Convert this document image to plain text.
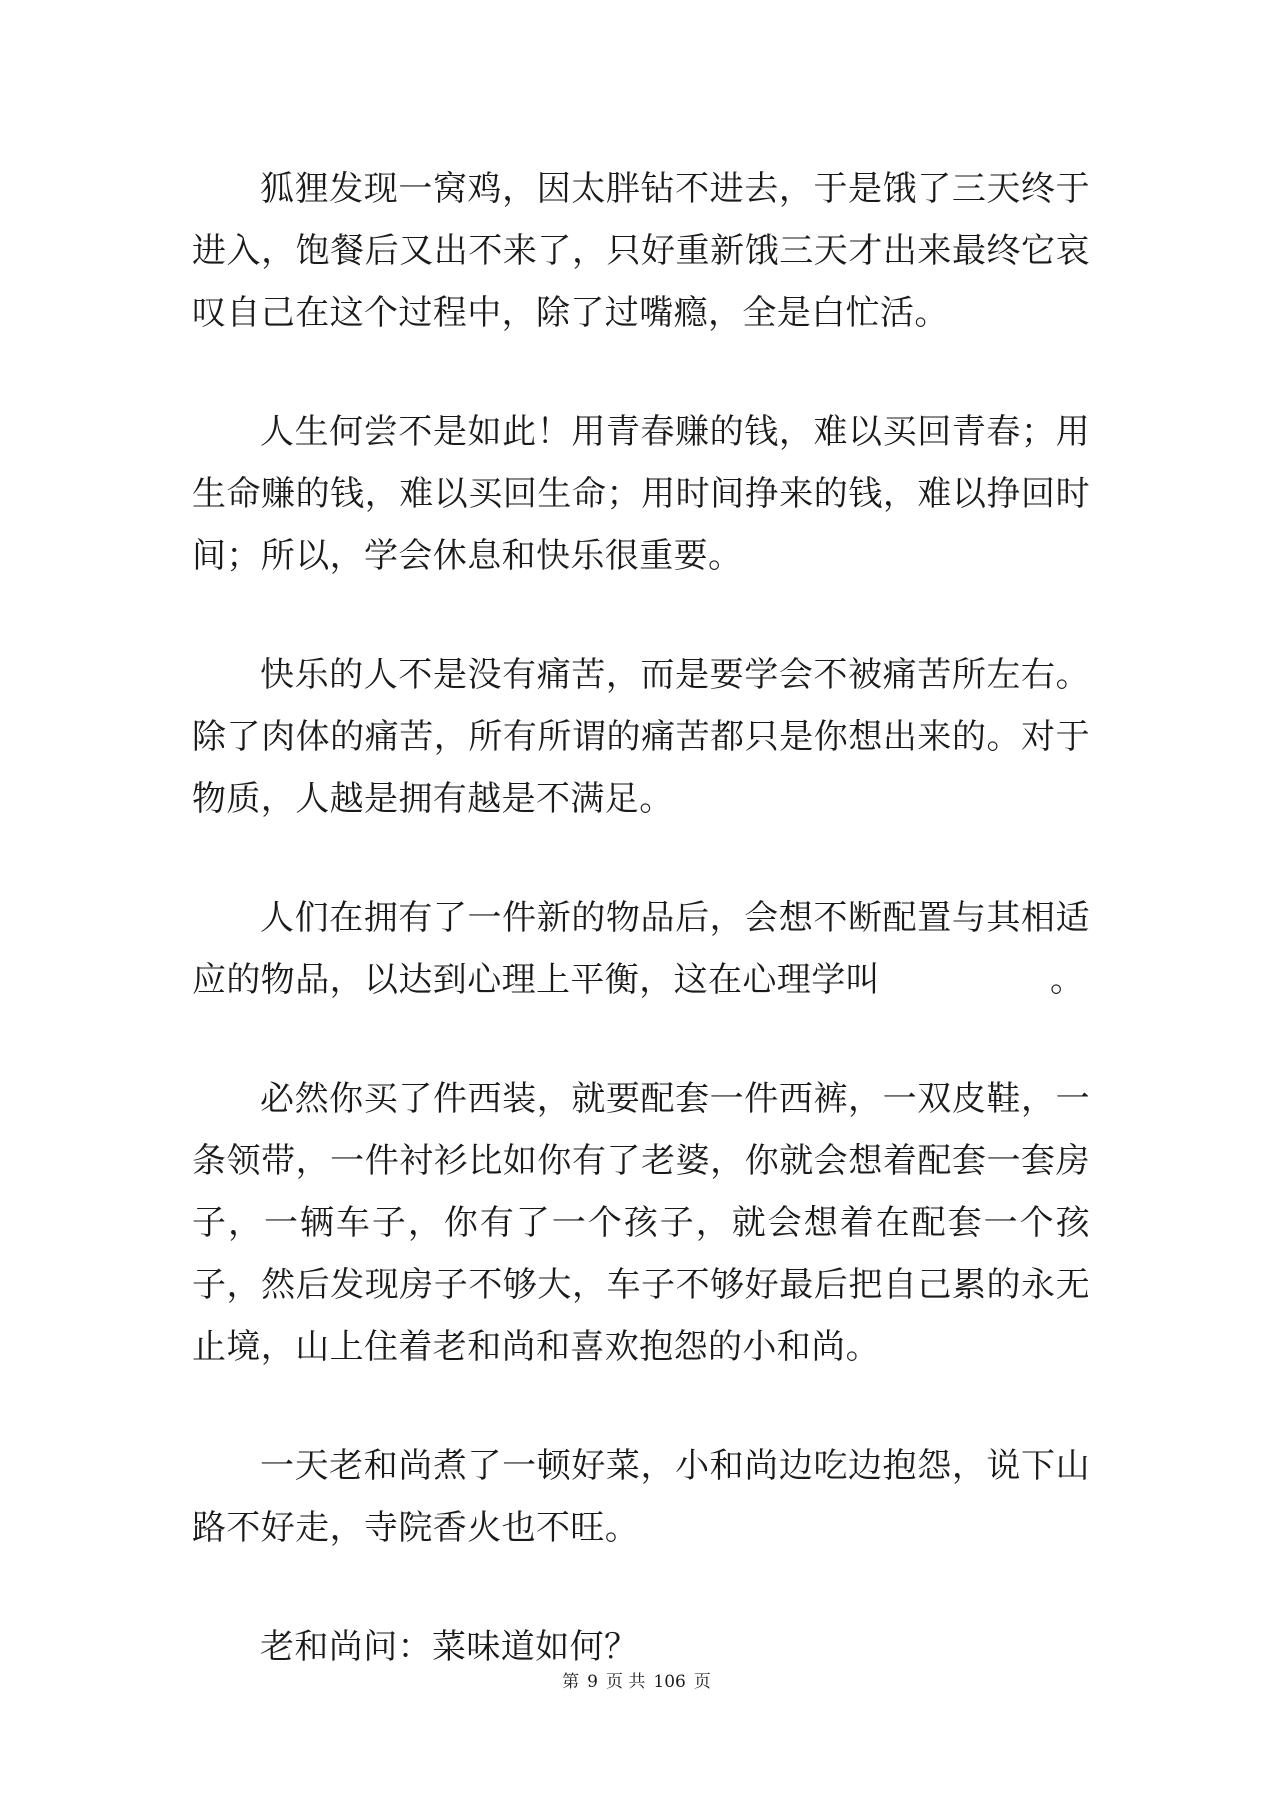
狐狸发现一窝鸡，因太胖钻不进去，于是饿了三天终于进入，饱餐后又出不来了，只好重新饿三天才出来最终它哀叹自己在这个过程中，除了过嘴瘾，全是白忙活。

人生何尝不是如此！用青春赚的钱，难以买回青春；用生命赚的钱，难以买回生命；用时间挣来的钱，难以挣回时间；所以，学会休息和快乐很重要。

快乐的人不是没有痛苦，而是要学会不被痛苦所左右。除了肉体的痛苦，所有所谓的痛苦都只是你想出来的。对于物质，人越是拥有越是不满足。

人们在拥有了一件新的物品后，会想不断配置与其相适应的物品，以达到心理上平衡，这在心理学叫	。

必然你买了件西装，就要配套一件西裤，一双皮鞋，一条领带，一件衬衫比如你有了老婆，你就会想着配套一套房子，一辆车子，你有了一个孩子，就会想着在配套一个孩子，然后发现房子不够大，车子不够好最后把自己累的永无止境，山上住着老和尚和喜欢抱怨的小和尚。

一天老和尚煮了一顿好菜，小和尚边吃边抱怨，说下山路不好走，寺院香火也不旺。

老和尚问：菜味道如何？

第 9 页 共 106 页
